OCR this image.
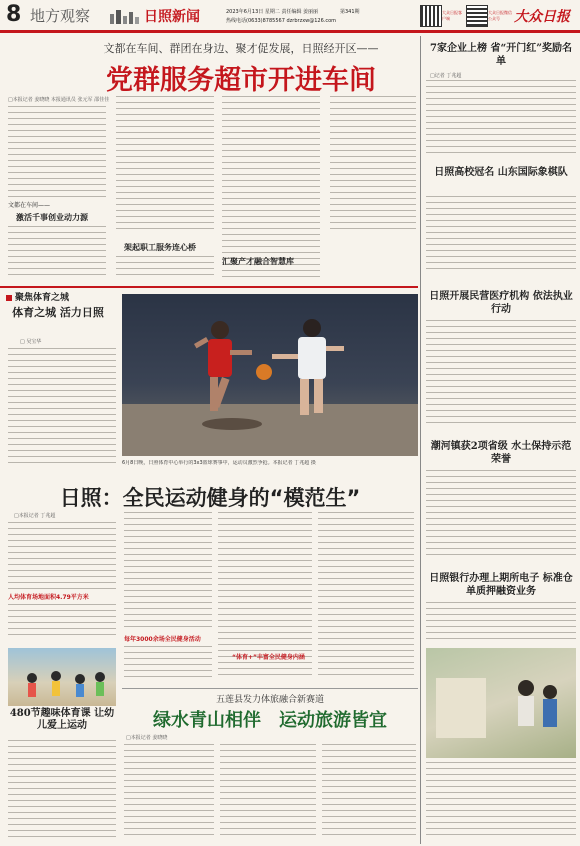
8 地方观察	日照新闻	2023年6月13日 星期二 责任编辑 姜丽丽	第341期
热线电话(0633)8785567 dzrbrzxw@126.com
大众日报客户端
大众日报微信公众号	大众日报
文都在车间、群团在身边、聚才促发展，日照经开区——
党群服务超市开进车间
□本报记者 姜晓晓 本报通讯员 张元军 邵佳佳
文都在车间——
激活千事创业动力源
架起职工服务连心桥
汇聚产才融合智慧库
聚焦体育之城
体育之城 活力日照
□ 吴宝华
6月8日晚，日照体育中心举行的3x3篮球赛事中，运动员激烈争抢。本报记者 丁兆超 摄
日照：全民运动健身的“模范生”
□本报记者 丁兆超
人均体育场地面积4.79平方米
480节趣味体育课 让幼儿爱上运动
每年3000余场全民健身活动
“体育+”丰富全民健身内涵
五莲县发力体旅融合新赛道
绿水青山相伴　运动旅游皆宜
□本报记者 姜晓晓
7家企业上榜 省“开门红”奖励名单
□记者 丁兆超
日照高校冠名 山东国际象棋队
日照开展民营医疗机构 依法执业行动
潮河镇获2项省级 水土保持示范荣誉
日照银行办理上期所电子 标准仓单质押融资业务
